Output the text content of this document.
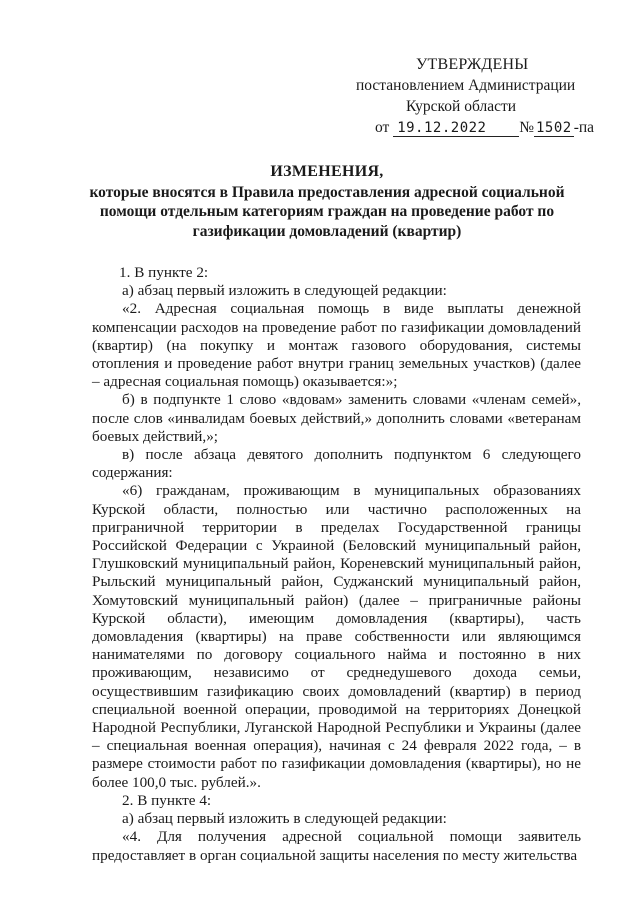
УТВЕРЖДЕНЫ
постановлением Администрации
Курской области
от 19.12.2022 № 1502 -па
ИЗМЕНЕНИЯ,
которые вносятся в Правила предоставления адресной социальной помощи отдельным категориям граждан на проведение работ по газификации домовладений (квартир)

1. В пункте 2:

а) абзац первый изложить в следующей редакции:

«2. Адресная социальная помощь в виде выплаты денежной компенсации расходов на проведение работ по газификации домовладений (квартир) (на покупку и монтаж газового оборудования, системы отопления и проведение работ внутри границ земельных участков) (далее – адресная социальная помощь) оказывается:»;

б) в подпункте 1 слово «вдовам» заменить словами «членам семей», после слов «инвалидам боевых действий,» дополнить словами «ветеранам боевых действий,»;

в) после абзаца девятого дополнить подпунктом 6 следующего содержания:

«6) гражданам, проживающим в муниципальных образованиях Курской области, полностью или частично расположенных на приграничной территории в пределах Государственной границы Российской Федерации с Украиной (Беловский муниципальный район, Глушковский муниципальный район, Кореневский муниципальный район, Рыльский муниципальный район, Суджанский муниципальный район, Хомутовский муниципальный район) (далее – приграничные районы Курской области), имеющим домовладения (квартиры), часть домовладения (квартиры) на праве собственности или являющимся нанимателями по договору социального найма и постоянно в них проживающим, независимо от среднедушевого дохода семьи, осуществившим газификацию своих домовладений (квартир) в период специальной военной операции, проводимой на территориях Донецкой Народной Республики, Луганской Народной Республики и Украины (далее – специальная военная операция), начиная с 24 февраля 2022 года, – в размере стоимости работ по газификации домовладения (квартиры), но не более 100,0 тыс. рублей.».

2. В пункте 4:

а) абзац первый изложить в следующей редакции:

«4. Для получения адресной социальной помощи заявитель предоставляет в орган социальной защиты населения по месту жительства
